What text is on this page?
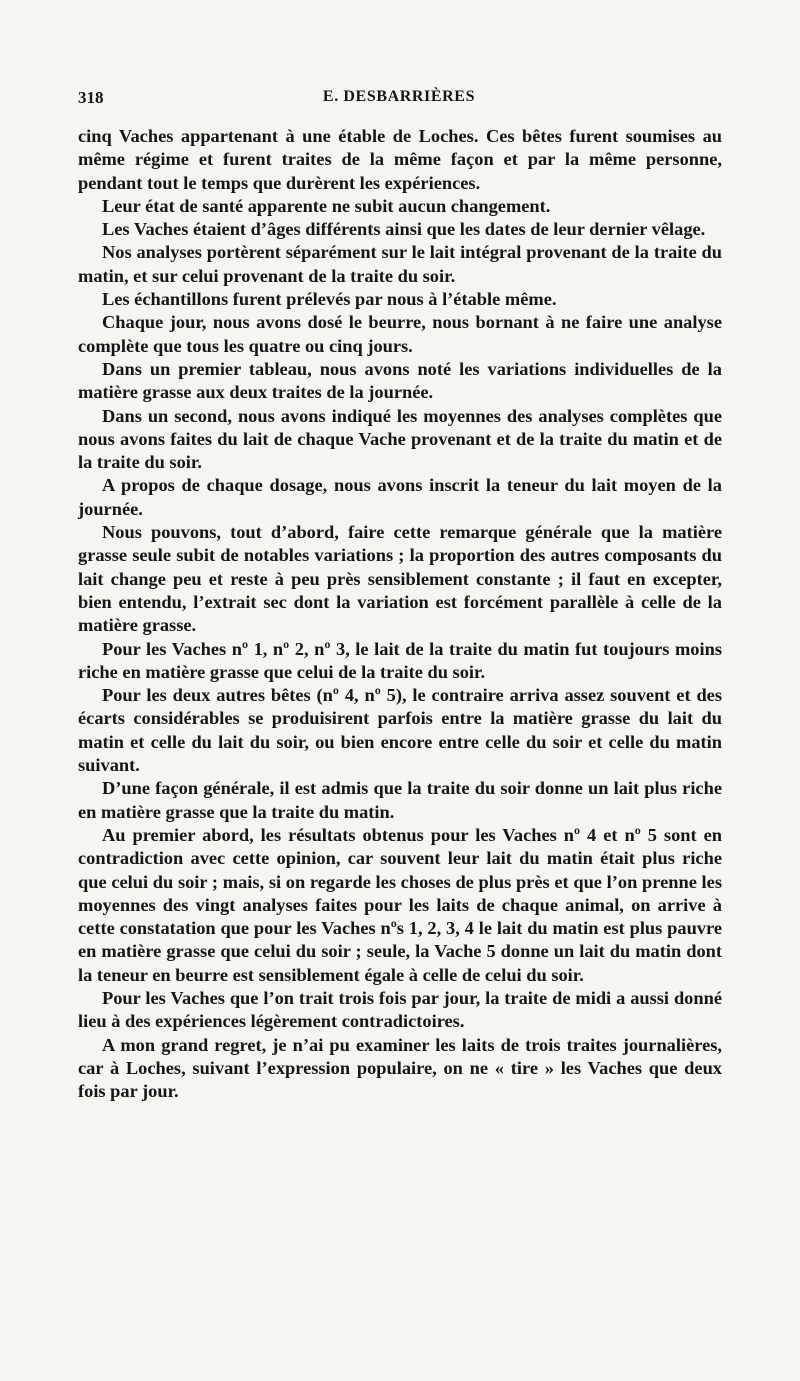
318	E. DESBARRIÈRES

cinq Vaches appartenant à une étable de Loches. Ces bêtes furent soumises au même régime et furent traites de la même façon et par la même personne, pendant tout le temps que durèrent les expériences.

Leur état de santé apparente ne subit aucun changement.

Les Vaches étaient d’âges différents ainsi que les dates de leur dernier vêlage.

Nos analyses portèrent séparément sur le lait intégral provenant de la traite du matin, et sur celui provenant de la traite du soir.

Les échantillons furent prélevés par nous à l’étable même.

Chaque jour, nous avons dosé le beurre, nous bornant à ne faire une analyse complète que tous les quatre ou cinq jours.

Dans un premier tableau, nous avons noté les variations individuelles de la matière grasse aux deux traites de la journée.

Dans un second, nous avons indiqué les moyennes des analyses complètes que nous avons faites du lait de chaque Vache provenant et de la traite du matin et de la traite du soir.

A propos de chaque dosage, nous avons inscrit la teneur du lait moyen de la journée.

Nous pouvons, tout d’abord, faire cette remarque générale que la matière grasse seule subit de notables variations ; la proportion des autres composants du lait change peu et reste à peu près sensiblement constante ; il faut en excepter, bien entendu, l’extrait sec dont la variation est forcément parallèle à celle de la matière grasse.

Pour les Vaches nº 1, nº 2, nº 3, le lait de la traite du matin fut toujours moins riche en matière grasse que celui de la traite du soir.

Pour les deux autres bêtes (nº 4, nº 5), le contraire arriva assez souvent et des écarts considérables se produisirent parfois entre la matière grasse du lait du matin et celle du lait du soir, ou bien encore entre celle du soir et celle du matin suivant.

D’une façon générale, il est admis que la traite du soir donne un lait plus riche en matière grasse que la traite du matin.

Au premier abord, les résultats obtenus pour les Vaches nº 4 et nº 5 sont en contradiction avec cette opinion, car souvent leur lait du matin était plus riche que celui du soir ; mais, si on regarde les choses de plus près et que l’on prenne les moyennes des vingt analyses faites pour les laits de chaque animal, on arrive à cette constatation que pour les Vaches nºs 1, 2, 3, 4 le lait du matin est plus pauvre en matière grasse que celui du soir ; seule, la Vache 5 donne un lait du matin dont la teneur en beurre est sensiblement égale à celle de celui du soir.

Pour les Vaches que l’on trait trois fois par jour, la traite de midi a aussi donné lieu à des expériences légèrement contradictoires.

A mon grand regret, je n’ai pu examiner les laits de trois traites journalières, car à Loches, suivant l’expression populaire, on ne « tire » les Vaches que deux fois par jour.
